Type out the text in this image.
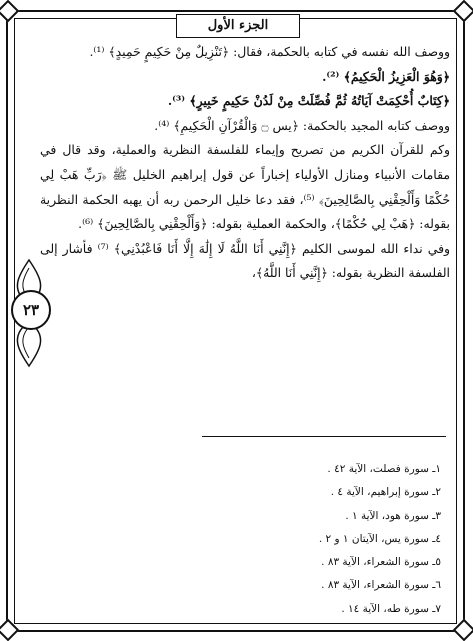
الجزء الأول
٢٣

ووصف الله نفسه في كتابه بالحكمة، فقال: ﴿تَنْزِيلٌ مِنْ حَكِيمٍ حَمِيدٍ﴾ ⁽¹⁾.

﴿وَهُوَ الْعَزِيزُ الْحَكِيمُ﴾ ⁽²⁾.

﴿كِتَابٌ أُحْكِمَتْ آيَاتُهُ ثُمَّ فُصِّلَتْ مِنْ لَدُنْ حَكِيمٍ خَبِيرٍ﴾ ⁽³⁾.

ووصف كتابه المجيد بالحكمة: ﴿يس ۝ وَالْقُرْآنِ الْحَكِيمِ﴾ ⁽⁴⁾.

وكم للقرآن الكريم من تصريح وإيماء للفلسفة النظرية والعملية، وقد قال في مقامات الأنبياء ومنازل الأولياء إخباراً عن قول إبراهيم الخليل ﷺ ﴿رَبِّ هَبْ لِي حُكْمًا وَأَلْحِقْنِي بِالصَّالِحِينَ﴾ ⁽⁵⁾، فقد دعا خليل الرحمن ربه أن يهبه الحكمة النظرية بقوله: ﴿هَبْ لِي حُكْمًا﴾، والحكمة العملية بقوله: ﴿وَأَلْحِقْنِي بِالصَّالِحِينَ﴾ ⁽⁶⁾.

وفي نداء الله لموسى الكليم ﴿إِنَّنِي أَنَا اللَّهُ لَا إِلَٰهَ إِلَّا أَنَا فَاعْبُدْنِي﴾ ⁽⁷⁾ فأشار إلى الفلسفة النظرية بقوله: ﴿إِنَّنِي أَنَا اللَّهُ﴾،

١ـ سورة فصلت، الآية ٤٢ .
٢ـ سورة إبراهيم، الآية ٤ .
٣ـ سورة هود، الآية ١ .
٤ـ سورة يس، الآيتان ١ و ٢ .
٥ـ سورة الشعراء، الآية ٨٣ .
٦ـ سورة الشعراء، الآية ٨٣ .
٧ـ سورة طه، الآية ١٤ .
